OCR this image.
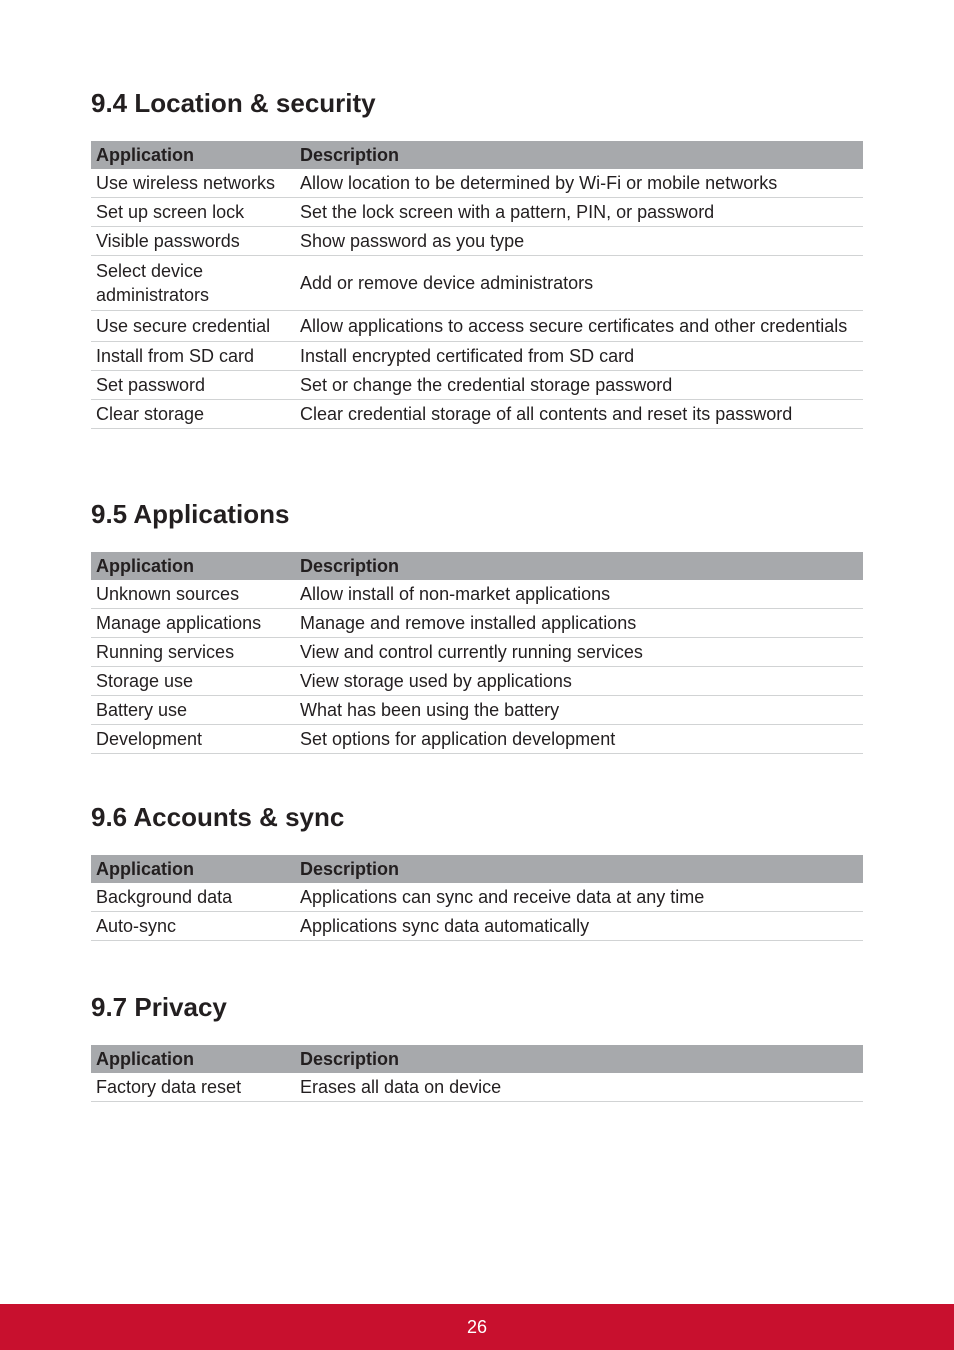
9.4 Location & security
Application	Description
Use wireless networks	Allow location to be determined by Wi-Fi or mobile networks
Set up screen lock	Set the lock screen with a pattern, PIN, or password
Visible passwords	Show password as you type
Select device administrators	Add or remove device administrators
Use secure credential	Allow applications to access secure certificates and other credentials
Install from SD card	Install encrypted certificated from SD card
Set password	Set or change the credential storage password
Clear storage	Clear credential storage of all contents and reset its password
9.5 Applications
Application	Description
Unknown sources	Allow install of non-market applications
Manage applications	Manage and remove installed applications
Running services	View and control currently running services
Storage use	View storage used by applications
Battery use	What has been using the battery
Development	Set options for application development
9.6 Accounts & sync
Application	Description
Background data	Applications can sync and receive data at any time
Auto-sync	Applications sync data automatically
9.7 Privacy
Application	Description
Factory data reset	Erases all data on device
26
